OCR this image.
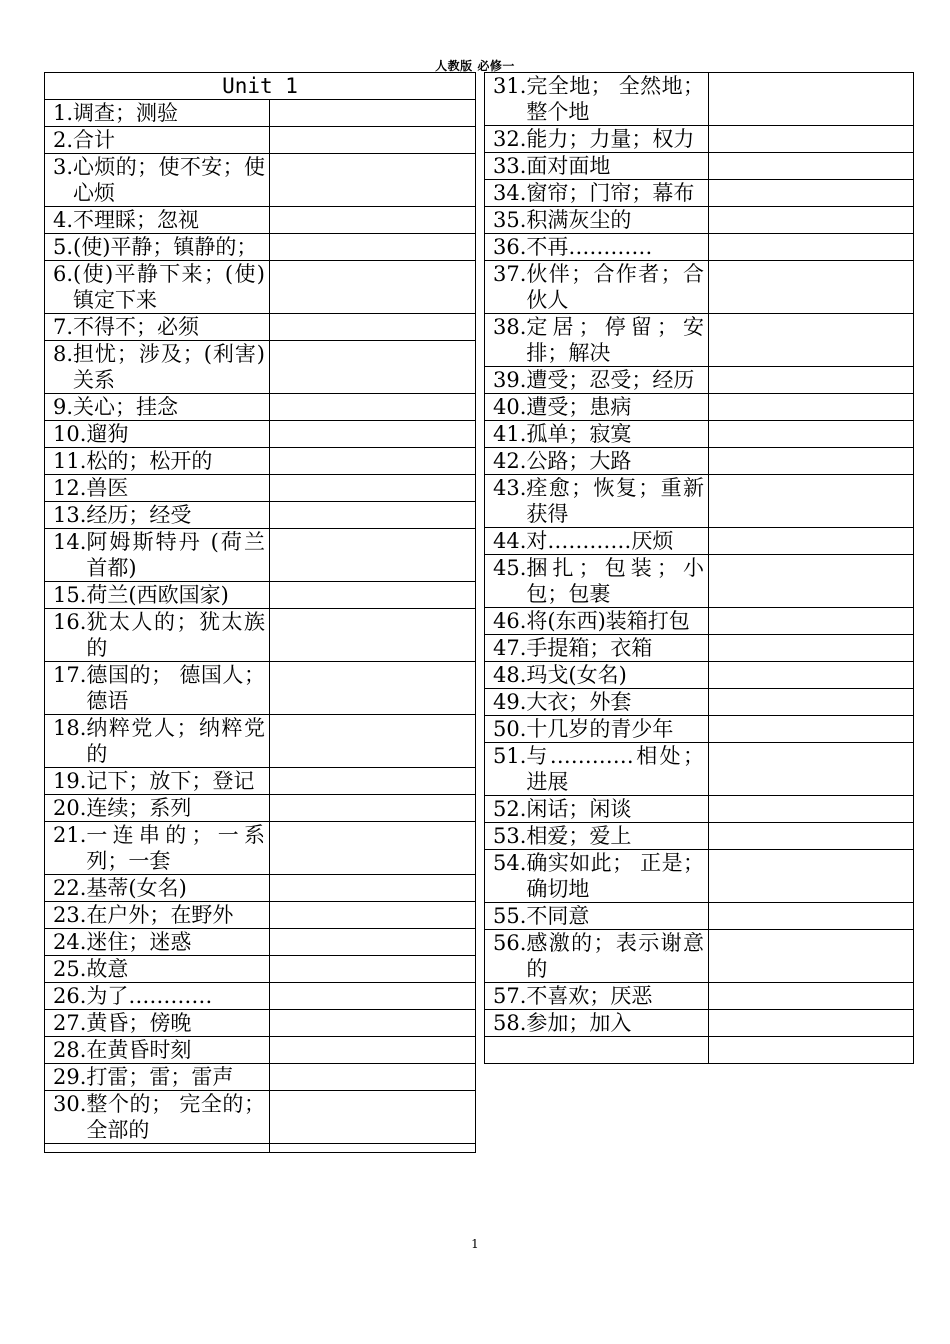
人教版 必修一
Unit 1	

1. 调查；测验	

2. 合计	

3. 心烦的；使不安；使心烦	

4. 不理睬；忽视	

5. (使)平静；镇静的；	

6. (使)平静下来；(使)镇定下来	

7. 不得不；必须	

8. 担忧；涉及；(利害)关系	

9. 关心；挂念	

10. 遛狗	

11. 松的；松开的	

12. 兽医	

13. 经历；经受	

14. 阿姆斯特丹 (荷兰首都)	

15. 荷兰(西欧国家)	

16. 犹太人的；犹太族的	

17. 德国的； 德国人；德语	

18. 纳粹党人；纳粹党的	

19. 记下；放下；登记	

20. 连续；系列	

21. 一连串的；一系列；一套	

22. 基蒂(女名)	

23. 在户外；在野外	

24. 迷住；迷惑	

25. 故意	

26. 为了…………	

27. 黄昏；傍晚	

28. 在黄昏时刻	

29. 打雷；雷；雷声	

30. 整个的； 完全的；全部的	

31. 完全地； 全然地；整个地	

32. 能力；力量；权力	

33. 面对面地	

34. 窗帘；门帘；幕布	

35. 积满灰尘的	

36. 不再…………	

37. 伙伴；合作者；合伙人	

38. 定居；停留；安排；解决	

39. 遭受；忍受；经历	

40. 遭受；患病	

41. 孤单；寂寞	

42. 公路；大路	

43. 痊愈；恢复；重新获得	

44. 对…………厌烦	

45. 捆扎；包装；小包；包裹	

46. 将(东西)装箱打包	

47. 手提箱；衣箱	

48. 玛戈(女名)	

49. 大衣；外套	

50. 十几岁的青少年	

51. 与…………相处；进展	

52. 闲话；闲谈	

53. 相爱；爱上	

54. 确实如此； 正是；确切地	

55. 不同意	

56. 感激的；表示谢意的	

57. 不喜欢；厌恶	

58. 参加；加入	

1
